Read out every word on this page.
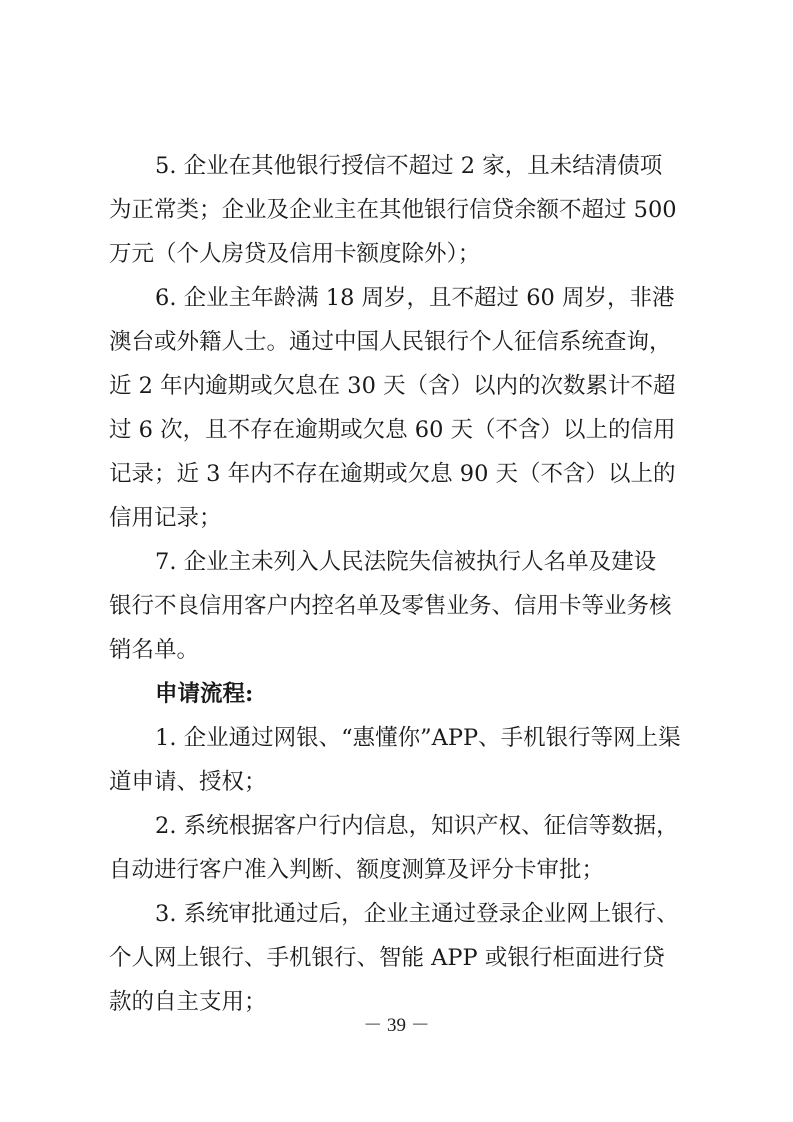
5. 企业在其他银行授信不超过 2 家，且未结清债项
为正常类；企业及企业主在其他银行信贷余额不超过 500
万元（个人房贷及信用卡额度除外）；
6. 企业主年龄满 18 周岁，且不超过 60 周岁，非港
澳台或外籍人士。通过中国人民银行个人征信系统查询，
近 2 年内逾期或欠息在 30 天（含）以内的次数累计不超
过 6 次，且不存在逾期或欠息 60 天（不含）以上的信用
记录；近 3 年内不存在逾期或欠息 90 天（不含）以上的
信用记录；
7. 企业主未列入人民法院失信被执行人名单及建设
银行不良信用客户内控名单及零售业务、信用卡等业务核
销名单。
申请流程:
1. 企业通过网银、“惠懂你”APP、手机银行等网上渠
道申请、授权；
2. 系统根据客户行内信息，知识产权、征信等数据，
自动进行客户准入判断、额度测算及评分卡审批；
3. 系统审批通过后，企业主通过登录企业网上银行、
个人网上银行、手机银行、智能 APP 或银行柜面进行贷
款的自主支用；
－ 39 －
